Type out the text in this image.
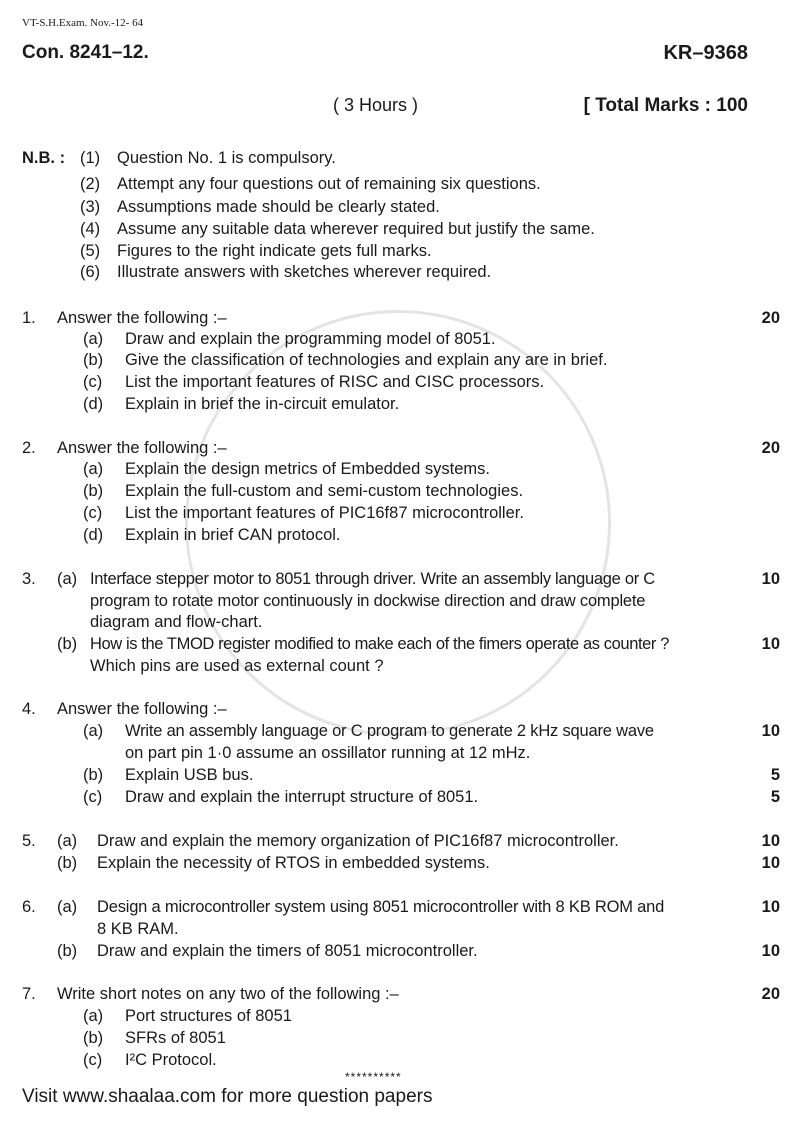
VT-S.H.Exam. Nov.-12- 64
Con. 8241–12.	KR–9368
( 3 Hours )	[ Total Marks : 100
N.B. : (1) Question No. 1 is compulsory.
(2) Attempt any four questions out of remaining six questions.
(3) Assumptions made should be clearly stated.
(4) Assume any suitable data wherever required but justify the same.
(5) Figures to the right indicate gets full marks.
(6) Illustrate answers with sketches wherever required.
1. Answer the following :–	20
(a) Draw and explain the programming model of 8051.
(b) Give the classification of technologies and explain any are in brief.
(c) List the important features of RISC and CISC processors.
(d) Explain in brief the in-circuit emulator.
2. Answer the following :–	20
(a) Explain the design metrics of Embedded systems.
(b) Explain the full-custom and semi-custom technologies.
(c) List the important features of PIC16f87 microcontroller.
(d) Explain in brief CAN protocol.
3. (a) Interface stepper motor to 8051 through driver. Write an assembly language or C	10
program to rotate motor continuously in dockwise direction and draw complete
diagram and flow-chart.
(b) How is the TMOD register modified to make each of the fimers operate as counter ?	10
Which pins are used as external count ?
4. Answer the following :–
(a) Write an assembly language or C program to generate 2 kHz square wave	10
on part pin 1·0 assume an ossillator running at 12 mHz.
(b) Explain USB bus.	5
(c) Draw and explain the interrupt structure of 8051.	5
5. (a) Draw and explain the memory organization of PIC16f87 microcontroller.	10
(b) Explain the necessity of RTOS in embedded systems.	10
6. (a) Design a microcontroller system using 8051 microcontroller with 8 KB ROM and	10
8 KB RAM.
(b) Draw and explain the timers of 8051 microcontroller.	10
7. Write short notes on any two of the following :–	20
(a) Port structures of 8051
(b) SFRs of 8051
(c) I²C Protocol.
**********
Visit www.shaalaa.com for more question papers
